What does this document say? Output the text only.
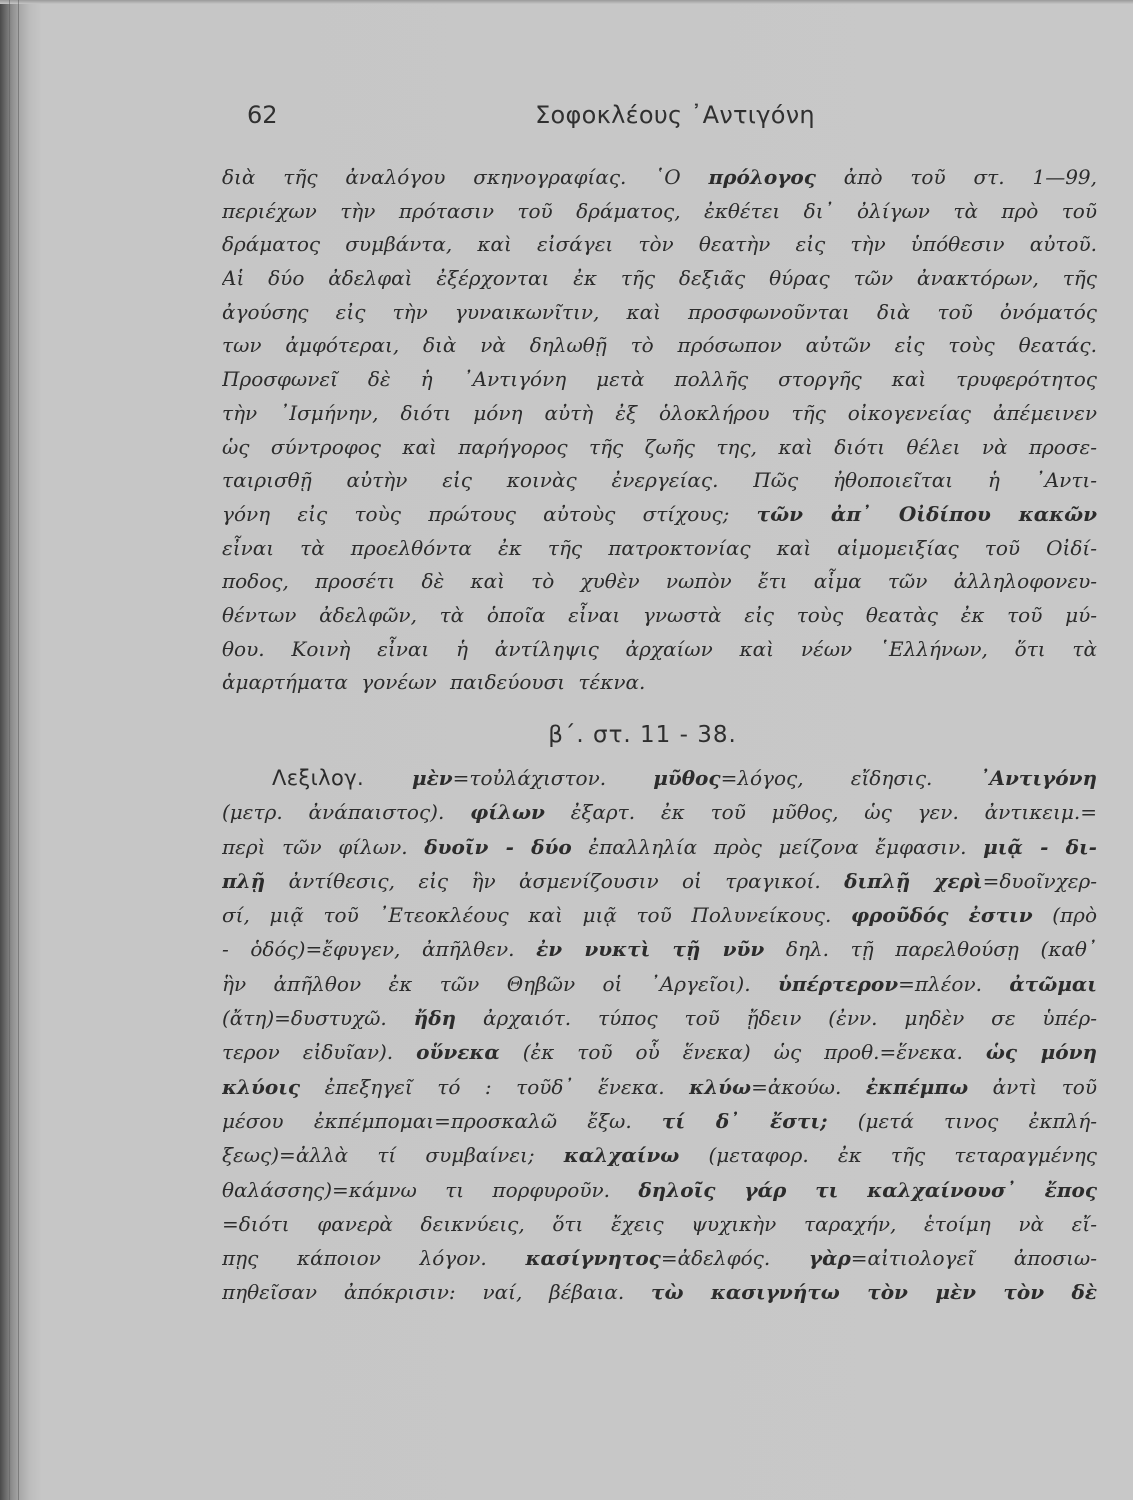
62	Σοφοκλέους ᾿Αντιγόνη
διὰ τῆς ἀναλόγου σκηνογραφίας. ῾Ο πρόλογος ἀπὸ τοῦ στ. 1—99,
περιέχων τὴν πρότασιν τοῦ δράματος, ἐκθέτει δι᾿ ὀλίγων τὰ πρὸ τοῦ
δράματος συμβάντα, καὶ εἰσάγει τὸν θεατὴν εἰς τὴν ὑπόθεσιν αὐτοῦ.
Αἱ δύο ἀδελφαὶ ἐξέρχονται ἐκ τῆς δεξιᾶς θύρας τῶν ἀνακτόρων, τῆς
ἀγούσης εἰς τὴν γυναικωνῖτιν, καὶ προσφωνοῦνται διὰ τοῦ ὀνόματός
των ἀμφότεραι, διὰ νὰ δηλωθῇ τὸ πρόσωπον αὐτῶν εἰς τοὺς θεατάς.
Προσφωνεῖ δὲ ἡ ᾿Αντιγόνη μετὰ πολλῆς στοργῆς καὶ τρυφερότητος
τὴν ᾿Ισμήνην, διότι μόνη αὐτὴ ἐξ ὁλοκλήρου τῆς οἰκογενείας ἀπέμεινεν
ὡς σύντροφος καὶ παρήγορος τῆς ζωῆς της, καὶ διότι θέλει νὰ προσε-
ταιρισθῇ αὐτὴν εἰς κοινὰς ἐνεργείας. Πῶς ἠθοποιεῖται ἡ ᾿Αντι-
γόνη εἰς τοὺς πρώτους αὐτοὺς στίχους; τῶν ἀπ᾿ Οἰδίπου κακῶν
εἶναι τὰ προελθόντα ἐκ τῆς πατροκτονίας καὶ αἱμομειξίας τοῦ Οἰδί-
ποδος, προσέτι δὲ καὶ τὸ χυθὲν νωπὸν ἔτι αἷμα τῶν ἀλληλοφονευ-
θέντων ἀδελφῶν, τὰ ὁποῖα εἶναι γνωστὰ εἰς τοὺς θεατὰς ἐκ τοῦ μύ-
θου. Κοινὴ εἶναι ἡ ἀντίληψις ἀρχαίων καὶ νέων ῾Ελλήνων, ὅτι τὰ
ἁμαρτήματα γονέων παιδεύουσι τέκνα.
β΄. στ. 11 - 38.
Λεξιλογ. μὲν=τοὐλάχιστον. μῦθος=λόγος, εἴδησις. ᾿Αντιγόνη
(μετρ. ἀνάπαιστος). φίλων ἐξαρτ. ἐκ τοῦ μῦθος, ὡς γεν. ἀντικειμ.=
περὶ τῶν φίλων. δυοῖν - δύο ἐπαλληλία πρὸς μείζονα ἔμφασιν. μιᾷ - δι-
πλῇ ἀντίθεσις, εἰς ἣν ἀσμενίζουσιν οἱ τραγικοί. διπλῇ χερὶ=δυοῖνχερ-
σί, μιᾷ τοῦ ᾿Ετεοκλέους καὶ μιᾷ τοῦ Πολυνείκους. φροῦδός ἐστιν (πρὸ
- ὁδός)=ἔφυγεν, ἀπῆλθεν. ἐν νυκτὶ τῇ νῦν δηλ. τῇ παρελθούσῃ (καθ᾿
ἣν ἀπῆλθον ἐκ τῶν Θηβῶν οἱ ᾿Αργεῖοι). ὑπέρτερον=πλέον. ἀτῶμαι
(ἄτη)=δυστυχῶ. ἤδη ἀρχαιότ. τύπος τοῦ ᾔδειν (ἐνν. μηδὲν σε ὑπέρ-
τερον εἰδυῖαν). οὕνεκα (ἐκ τοῦ οὗ ἕνεκα) ὡς προθ.=ἕνεκα. ὡς μόνη
κλύοις ἐπεξηγεῖ τό : τοῦδ᾿ ἕνεκα. κλύω=ἀκούω. ἐκπέμπω ἀντὶ τοῦ
μέσου ἐκπέμπομαι=προσκαλῶ ἔξω. τί δ᾿ ἔστι; (μετά τινος ἐκπλή-
ξεως)=ἀλλὰ τί συμβαίνει; καλχαίνω (μεταφορ. ἐκ τῆς τεταραγμένης
θαλάσσης)=κάμνω τι πορφυροῦν. δηλοῖς γάρ τι καλχαίνουσ᾿ ἔπος
=διότι φανερὰ δεικνύεις, ὅτι ἔχεις ψυχικὴν ταραχήν, ἑτοίμη νὰ εἴ-
πῃς κάποιον λόγον. κασίγνητος=ἀδελφός. γὰρ=αἰτιολογεῖ ἀποσιω-
πηθεῖσαν ἀπόκρισιν: ναί, βέβαια. τὼ κασιγνήτω τὸν μὲν τὸν δὲ
